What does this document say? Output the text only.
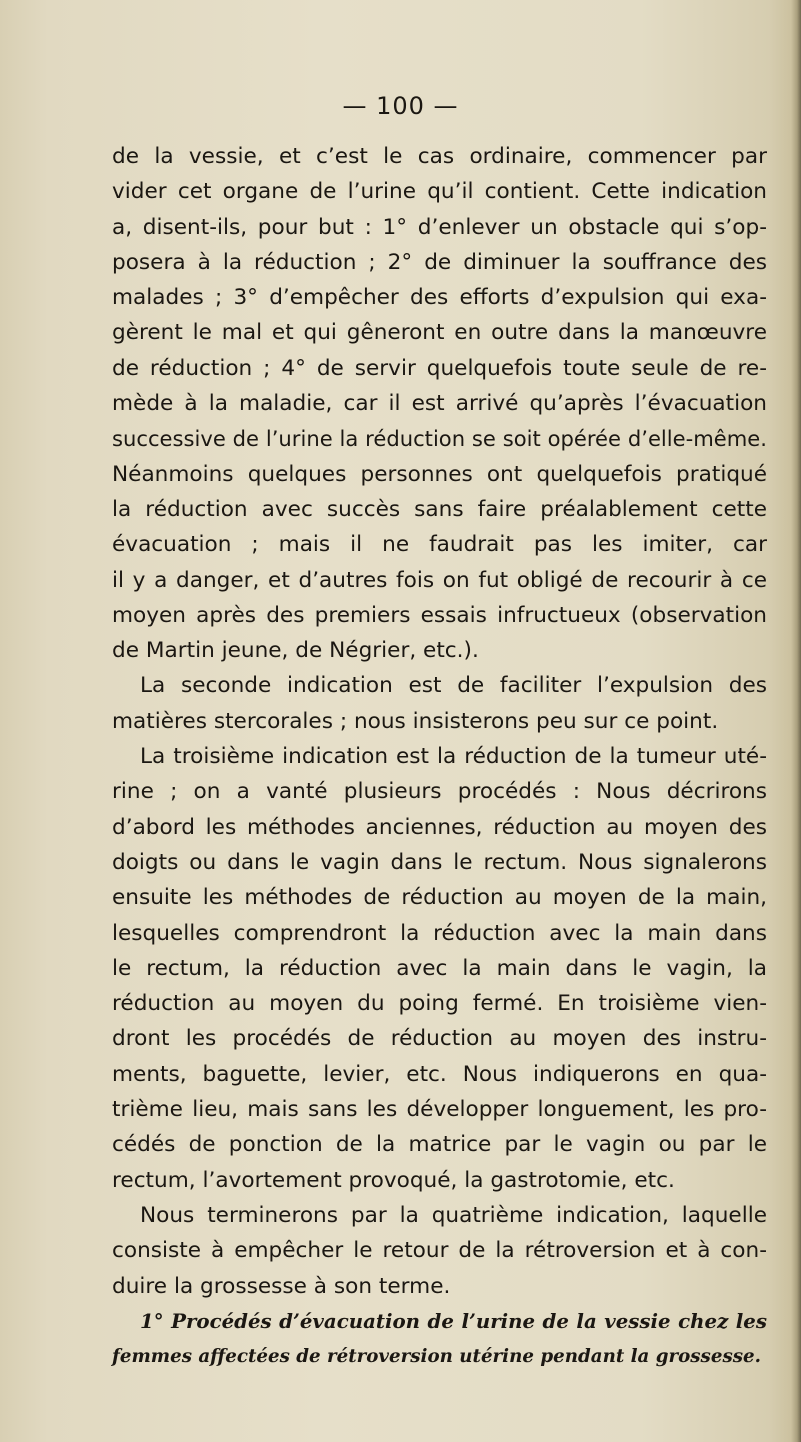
— 100 —
de la vessie, et c’est le cas ordinaire, commencer par
vider cet organe de l’urine qu’il contient. Cette indication
a, disent-ils, pour but : 1° d’enlever un obstacle qui s’op-
posera à la réduction ; 2° de diminuer la souffrance des
malades ; 3° d’empêcher des efforts d’expulsion qui exa-
gèrent le mal et qui gêneront en outre dans la manœuvre
de réduction ; 4° de servir quelquefois toute seule de re-
mède à la maladie, car il est arrivé qu’après l’évacuation
successive de l’urine la réduction se soit opérée d’elle-même.
Néanmoins quelques personnes ont quelquefois pratiqué
la réduction avec succès sans faire préalablement cette
évacuation ; mais il ne faudrait pas les imiter, car
il y a danger, et d’autres fois on fut obligé de recourir à ce
moyen après des premiers essais infructueux (observation
de Martin jeune, de Négrier, etc.).
La seconde indication est de faciliter l’expulsion des
matières stercorales ; nous insisterons peu sur ce point.
La troisième indication est la réduction de la tumeur uté-
rine ; on a vanté plusieurs procédés : Nous décrirons
d’abord les méthodes anciennes, réduction au moyen des
doigts ou dans le vagin dans le rectum. Nous signalerons
ensuite les méthodes de réduction au moyen de la main,
lesquelles comprendront la réduction avec la main dans
le rectum, la réduction avec la main dans le vagin, la
réduction au moyen du poing fermé. En troisième vien-
dront les procédés de réduction au moyen des instru-
ments, baguette, levier, etc. Nous indiquerons en qua-
trième lieu, mais sans les développer longuement, les pro-
cédés de ponction de la matrice par le vagin ou par le
rectum, l’avortement provoqué, la gastrotomie, etc.
Nous terminerons par la quatrième indication, laquelle
consiste à empêcher le retour de la rétroversion et à con-
duire la grossesse à son terme.
1° Procédés d’évacuation de l’urine de la vessie chez les
femmes affectées de rétroversion utérine pendant la grossesse.
